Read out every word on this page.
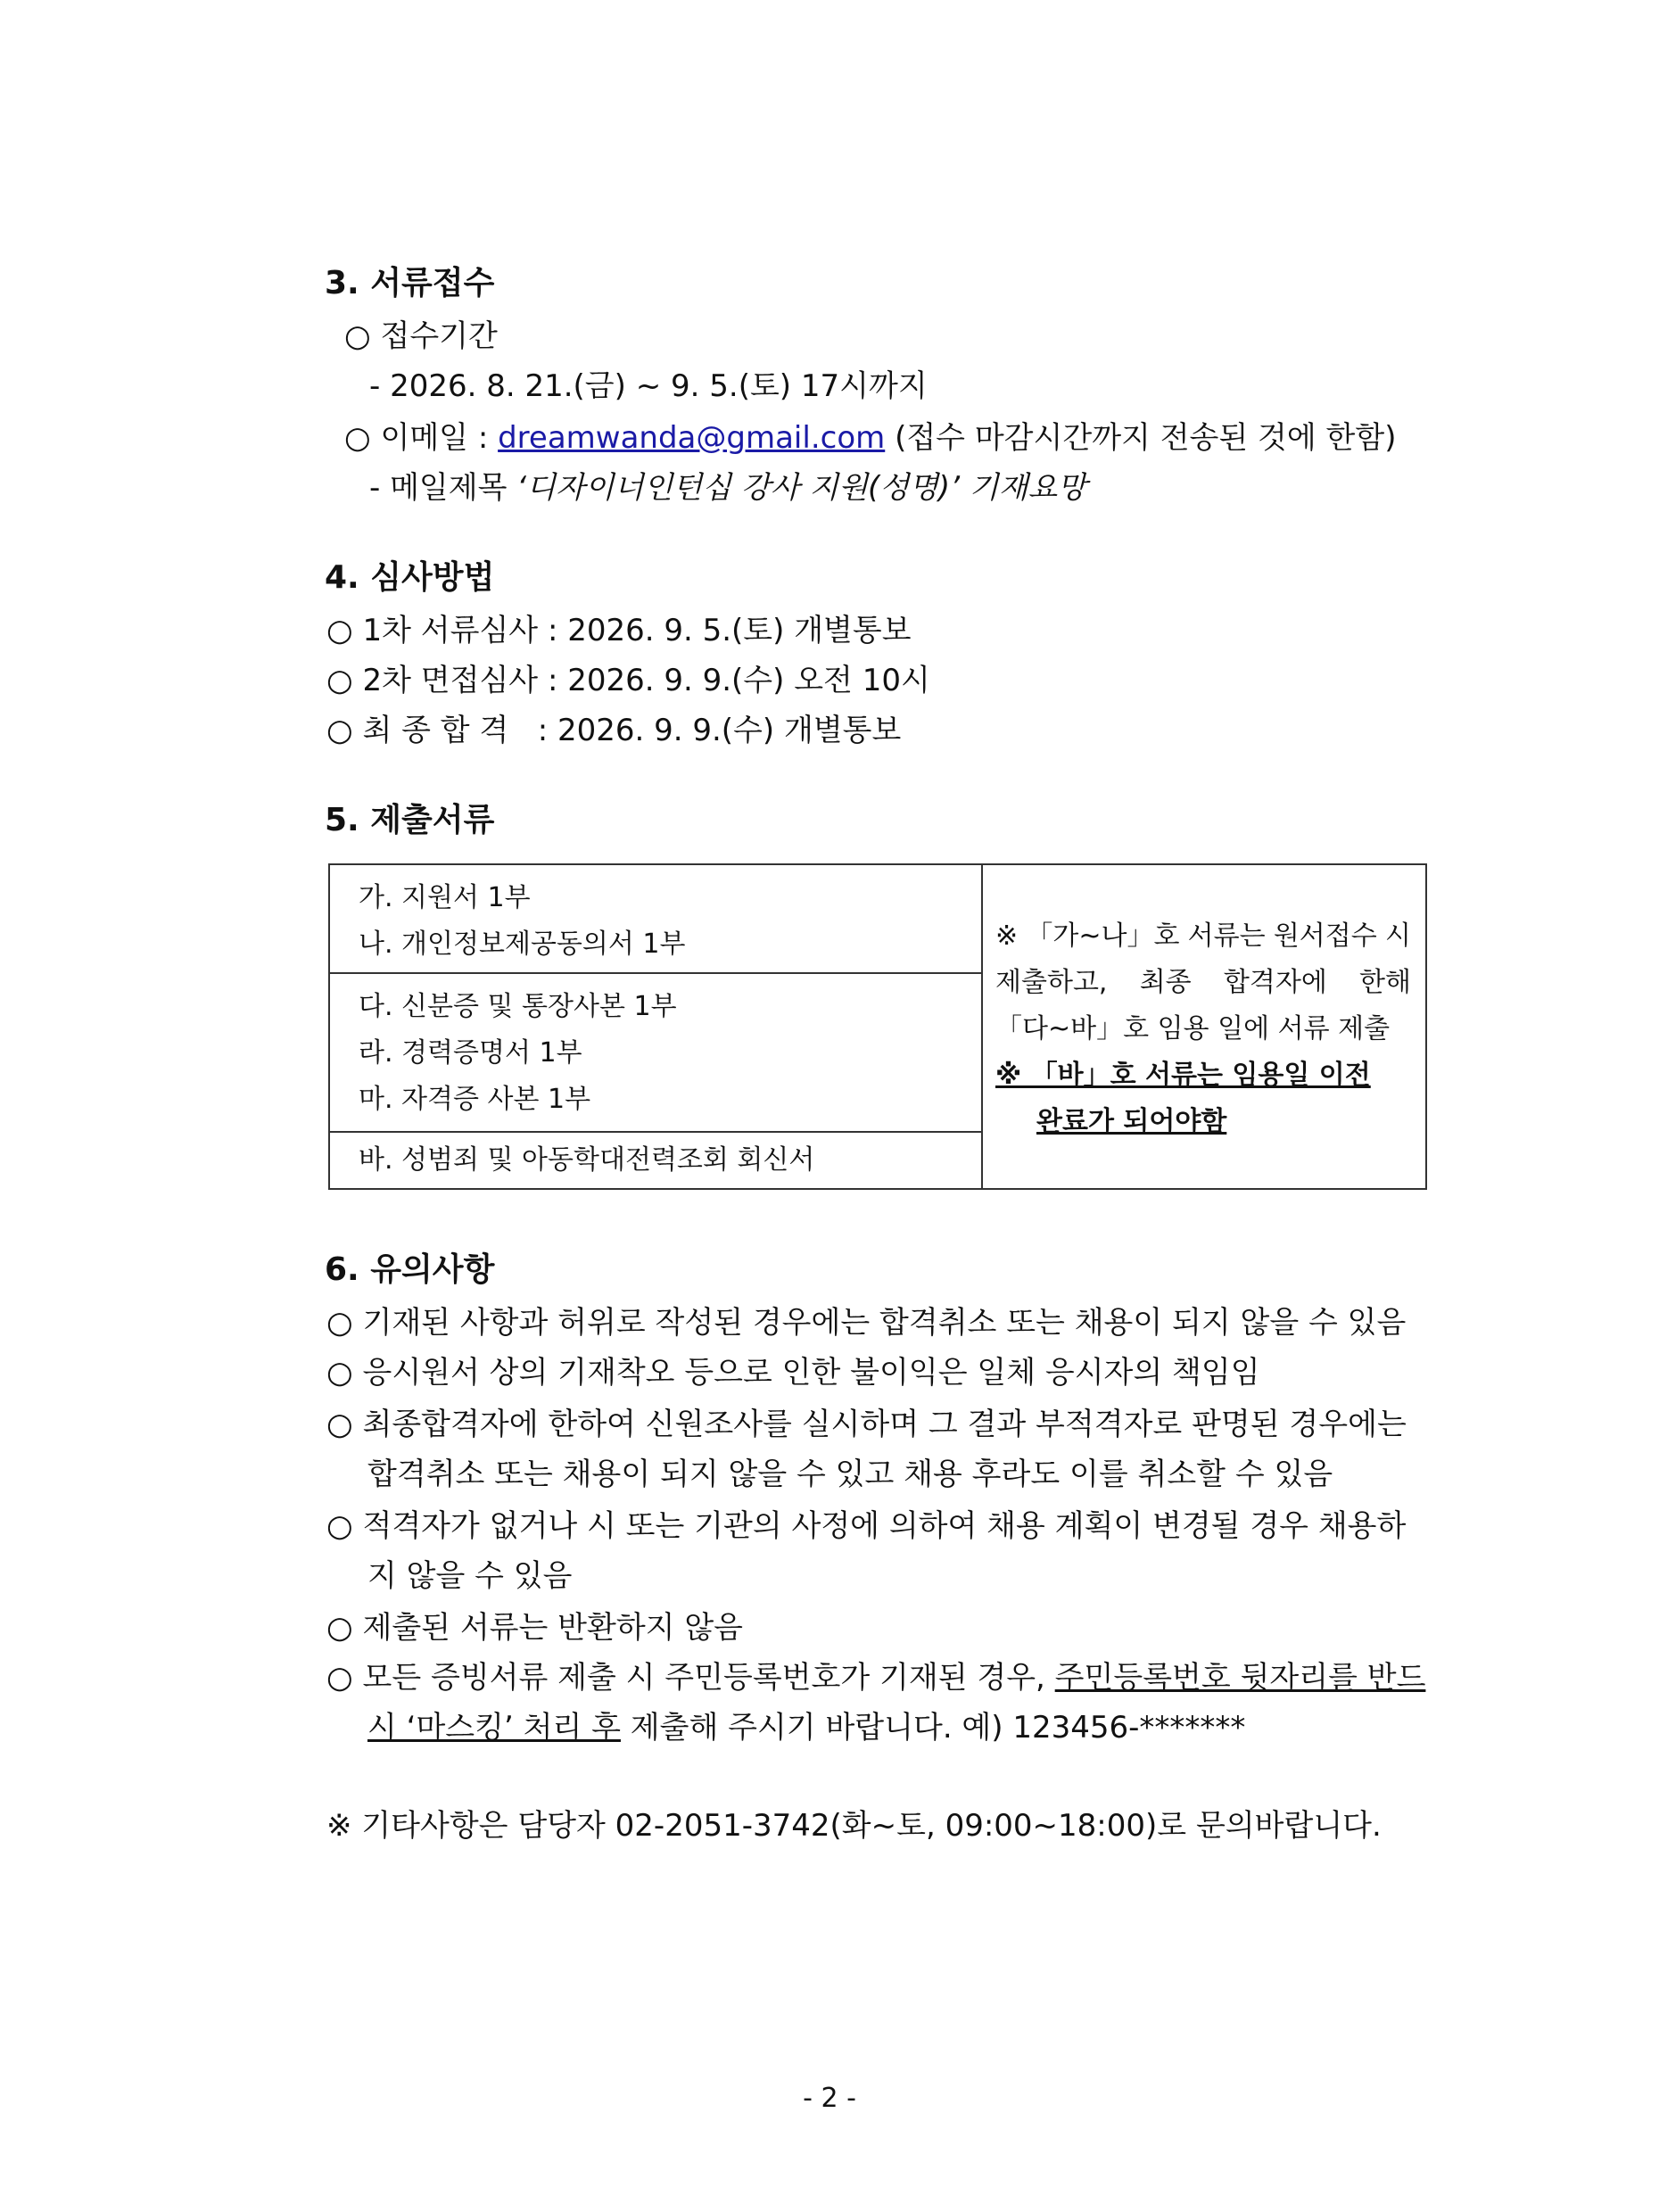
3. 서류접수
○ 접수기간
- 2026. 8. 21.(금) ~ 9. 5.(토) 17시까지
○ 이메일 : dreamwanda@gmail.com (접수 마감시간까지 전송된 것에 한함)
- 메일제목 ‘디자이너인턴십 강사 지원(성명)’ 기재요망
4. 심사방법
○ 1차 서류심사 : 2026. 9. 5.(토) 개별통보
○ 2차 면접심사 : 2026. 9. 9.(수) 오전 10시
○ 최 종 합 격   : 2026. 9. 9.(수) 개별통보
5. 제출서류
가. 지원서 1부
나. 개인정보제공동의서 1부
다. 신분증 및 통장사본 1부
라. 경력증명서 1부
마. 자격증 사본 1부
바. 성범죄 및 아동학대전력조회 회신서
※ 「가~나」호 서류는 원서접수 시
제출하고, 최종 합격자에 한해
「다~바」호 임용 일에 서류 제출
※ 「바」호 서류는 임용일 이전
완료가 되어야함
6. 유의사항
○ 기재된 사항과 허위로 작성된 경우에는 합격취소 또는 채용이 되지 않을 수 있음
○ 응시원서 상의 기재착오 등으로 인한 불이익은 일체 응시자의 책임임
○ 최종합격자에 한하여 신원조사를 실시하며 그 결과 부적격자로 판명된 경우에는
합격취소 또는 채용이 되지 않을 수 있고 채용 후라도 이를 취소할 수 있음
○ 적격자가 없거나 시 또는 기관의 사정에 의하여 채용 계획이 변경될 경우 채용하
지 않을 수 있음
○ 제출된 서류는 반환하지 않음
○ 모든 증빙서류 제출 시 주민등록번호가 기재된 경우, 주민등록번호 뒷자리를 반드
시 ‘마스킹’ 처리 후 제출해 주시기 바랍니다. 예) 123456-*******
※ 기타사항은 담당자 02-2051-3742(화~토, 09:00~18:00)로 문의바랍니다.
- 2 -
